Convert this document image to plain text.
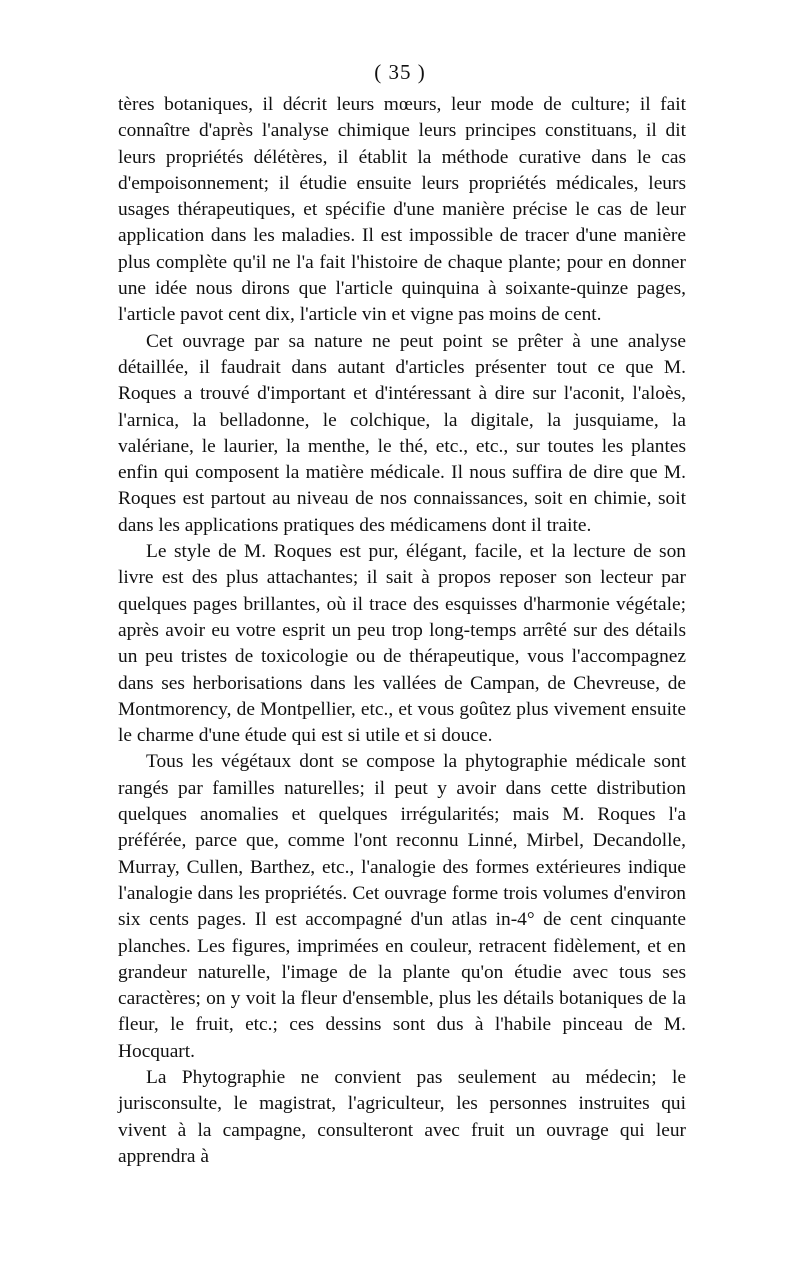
( 35 )

tères botaniques, il décrit leurs mœurs, leur mode de culture; il fait connaître d'après l'analyse chimique leurs principes constituans, il dit leurs propriétés délétères, il établit la méthode curative dans le cas d'empoisonnement; il étudie ensuite leurs propriétés médicales, leurs usages thérapeutiques, et spécifie d'une manière précise le cas de leur application dans les maladies. Il est impossible de tracer d'une manière plus complète qu'il ne l'a fait l'histoire de chaque plante; pour en donner une idée nous dirons que l'article quinquina à soixante-quinze pages, l'article pavot cent dix, l'article vin et vigne pas moins de cent.

Cet ouvrage par sa nature ne peut point se prêter à une analyse détaillée, il faudrait dans autant d'articles présenter tout ce que M. Roques a trouvé d'important et d'intéressant à dire sur l'aconit, l'aloès, l'arnica, la belladonne, le colchique, la digitale, la jusquiame, la valériane, le laurier, la menthe, le thé, etc., etc., sur toutes les plantes enfin qui composent la matière médicale. Il nous suffira de dire que M. Roques est partout au niveau de nos connaissances, soit en chimie, soit dans les applications pratiques des médicamens dont il traite.

Le style de M. Roques est pur, élégant, facile, et la lecture de son livre est des plus attachantes; il sait à propos reposer son lecteur par quelques pages brillantes, où il trace des esquisses d'harmonie végétale; après avoir eu votre esprit un peu trop long-temps arrêté sur des détails un peu tristes de toxicologie ou de thérapeutique, vous l'accompagnez dans ses herborisations dans les vallées de Campan, de Chevreuse, de Montmorency, de Montpellier, etc., et vous goûtez plus vivement ensuite le charme d'une étude qui est si utile et si douce.

Tous les végétaux dont se compose la phytographie médicale sont rangés par familles naturelles; il peut y avoir dans cette distribution quelques anomalies et quelques irrégularités; mais M. Roques l'a préférée, parce que, comme l'ont reconnu Linné, Mirbel, Decandolle, Murray, Cullen, Barthez, etc., l'analogie des formes extérieures indique l'analogie dans les propriétés. Cet ouvrage forme trois volumes d'environ six cents pages. Il est accompagné d'un atlas in-4° de cent cinquante planches. Les figures, imprimées en couleur, retracent fidèlement, et en grandeur naturelle, l'image de la plante qu'on étudie avec tous ses caractères; on y voit la fleur d'ensemble, plus les détails botaniques de la fleur, le fruit, etc.; ces dessins sont dus à l'habile pinceau de M. Hocquart.

La Phytographie ne convient pas seulement au médecin; le jurisconsulte, le magistrat, l'agriculteur, les personnes instruites qui vivent à la campagne, consulteront avec fruit un ouvrage qui leur apprendra à
